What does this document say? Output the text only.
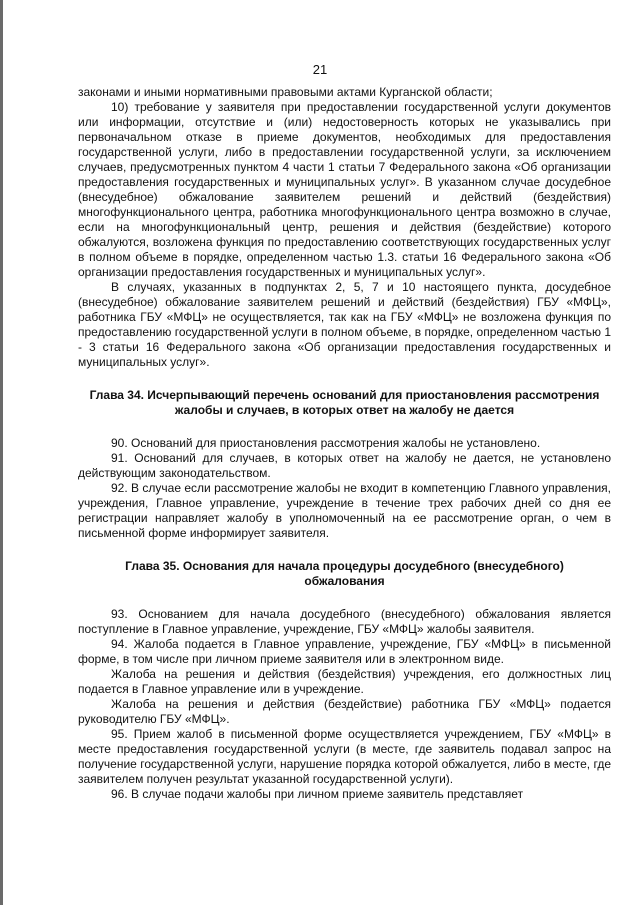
21

законами и иными нормативными правовыми актами Курганской области;

10) требование у заявителя при предоставлении государственной услуги документов или информации, отсутствие и (или) недостоверность которых не указывались при первоначальном отказе в приеме документов, необходимых для предоставления государственной услуги, либо в предоставлении государственной услуги, за исключением случаев, предусмотренных пунктом 4 части 1 статьи 7 Федерального закона «Об организации предоставления государственных и муниципальных услуг». В указанном случае досудебное (внесудебное) обжалование заявителем решений и действий (бездействия) многофункционального центра, работника многофункционального центра возможно в случае, если на многофункциональный центр, решения и действия (бездействие) которого обжалуются, возложена функция по предоставлению соответствующих государственных услуг в полном объеме в порядке, определенном частью 1.3. статьи 16 Федерального закона «Об организации предоставления государственных и муниципальных услуг».

В случаях, указанных в подпунктах 2, 5, 7 и 10 настоящего пункта, досудебное (внесудебное) обжалование заявителем решений и действий (бездействия) ГБУ «МФЦ», работника ГБУ «МФЦ» не осуществляется, так как на ГБУ «МФЦ» не возложена функция по предоставлению государственной услуги в полном объеме, в порядке, определенном частью 1 - 3 статьи 16 Федерального закона «Об организации предоставления государственных и муниципальных услуг».

Глава 34. Исчерпывающий перечень оснований для приостановления рассмотрения жалобы и случаев, в которых ответ на жалобу не дается

90. Оснований для приостановления рассмотрения жалобы не установлено.

91. Оснований для случаев, в которых ответ на жалобу не дается, не установлено действующим законодательством.

92. В случае если рассмотрение жалобы не входит в компетенцию Главного управления, учреждения, Главное управление, учреждение в течение трех рабочих дней со дня ее регистрации направляет жалобу в уполномоченный на ее рассмотрение орган, о чем в письменной форме информирует заявителя.

Глава 35. Основания для начала процедуры досудебного (внесудебного) обжалования

93. Основанием для начала досудебного (внесудебного) обжалования является поступление в Главное управление, учреждение, ГБУ «МФЦ» жалобы заявителя.

94. Жалоба подается в Главное управление, учреждение, ГБУ «МФЦ» в письменной форме, в том числе при личном приеме заявителя или в электронном виде.

Жалоба на решения и действия (бездействия) учреждения, его должностных лиц подается в Главное управление или в учреждение.

Жалоба на решения и действия (бездействие) работника ГБУ «МФЦ» подается руководителю ГБУ «МФЦ».

95. Прием жалоб в письменной форме осуществляется учреждением, ГБУ «МФЦ» в месте предоставления государственной услуги (в месте, где заявитель подавал запрос на получение государственной услуги, нарушение порядка которой обжалуется, либо в месте, где заявителем получен результат указанной государственной услуги).

96. В случае подачи жалобы при личном приеме заявитель представляет
